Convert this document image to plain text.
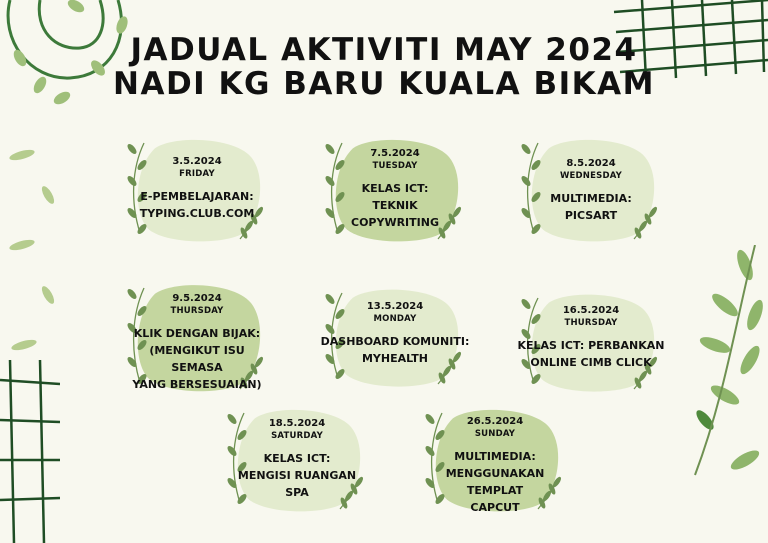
JADUAL AKTIVITI MAY 2024
NADI KG BARU KUALA BIKAM
3.5.2024
FRIDAY
E-PEMBELAJARAN:
TYPING.CLUB.COM
7.5.2024
TUESDAY
KELAS ICT:
TEKNIK
COPYWRITING
8.5.2024
WEDNESDAY
MULTIMEDIA:
PICSART
9.5.2024
THURSDAY
KLIK DENGAN BIJAK:
(MENGIKUT ISU SEMASA
YANG BERSESUAIAN)
13.5.2024
MONDAY
DASHBOARD KOMUNITI:
MYHEALTH
16.5.2024
THURSDAY
KELAS ICT: PERBANKAN
ONLINE CIMB CLICK
18.5.2024
SATURDAY
KELAS ICT:
MENGISI RUANGAN
SPA
26.5.2024
SUNDAY
MULTIMEDIA:
MENGGUNAKAN TEMPLAT
CAPCUT
